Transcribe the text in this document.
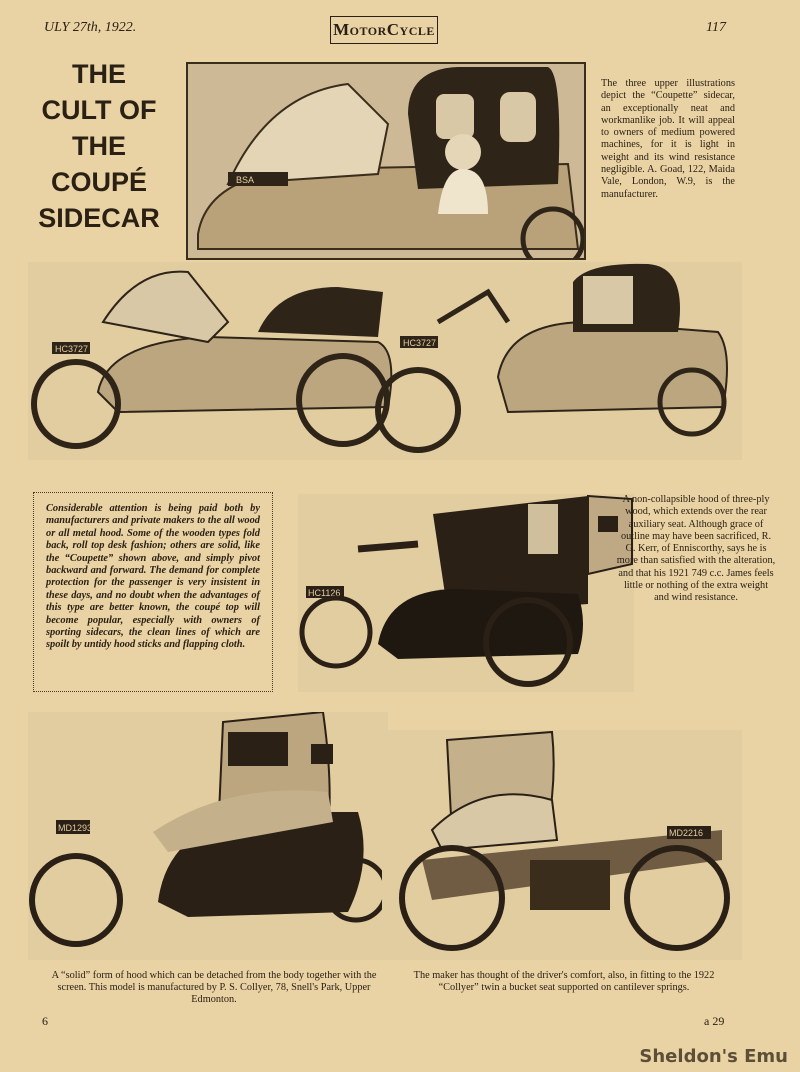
ULY 27th, 1922.	MotorCycle	117
THE
CULT OF
THE
COUPÉ
SIDECAR
BSA
The three upper illustrations depict the “Coupette” sidecar, an exceptionally neat and workmanlike job. It will appeal to owners of medium powered machines, for it is light in weight and its wind resistance negligible. A. Goad, 122, Maida Vale, London, W.9, is the manufacturer.
HC3727
HC3727
Considerable attention is being paid both by manufacturers and private makers to the all wood or all metal hood. Some of the wooden types fold back, roll top desk fashion; others are solid, like the “Coupette” shown above, and simply pivot backward and forward. The demand for complete protection for the passenger is very insistent in these days, and no doubt when the advantages of this type are better known, the coupé top will become popular, especially with owners of sporting sidecars, the clean lines of which are spoilt by untidy hood sticks and flapping cloth.
HC1126
A non-collapsible hood of three-ply wood, which extends over the rear auxiliary seat. Although grace of outline may have been sacrificed, R. G. Kerr, of Enniscorthy, says he is more than satisfied with the alteration, and that his 1921 749 c.c. James feels little or nothing of the extra weight and wind resistance.
MD1293	MD2216
A “solid” form of hood which can be detached from the body together with the screen. This model is manufactured by P. S. Collyer, 78, Snell's Park, Upper Edmonton.
The maker has thought of the driver's comfort, also, in fitting to the 1922 “Collyer” twin a bucket seat supported on cantilever springs.
6	a 29
Sheldon's Emu
